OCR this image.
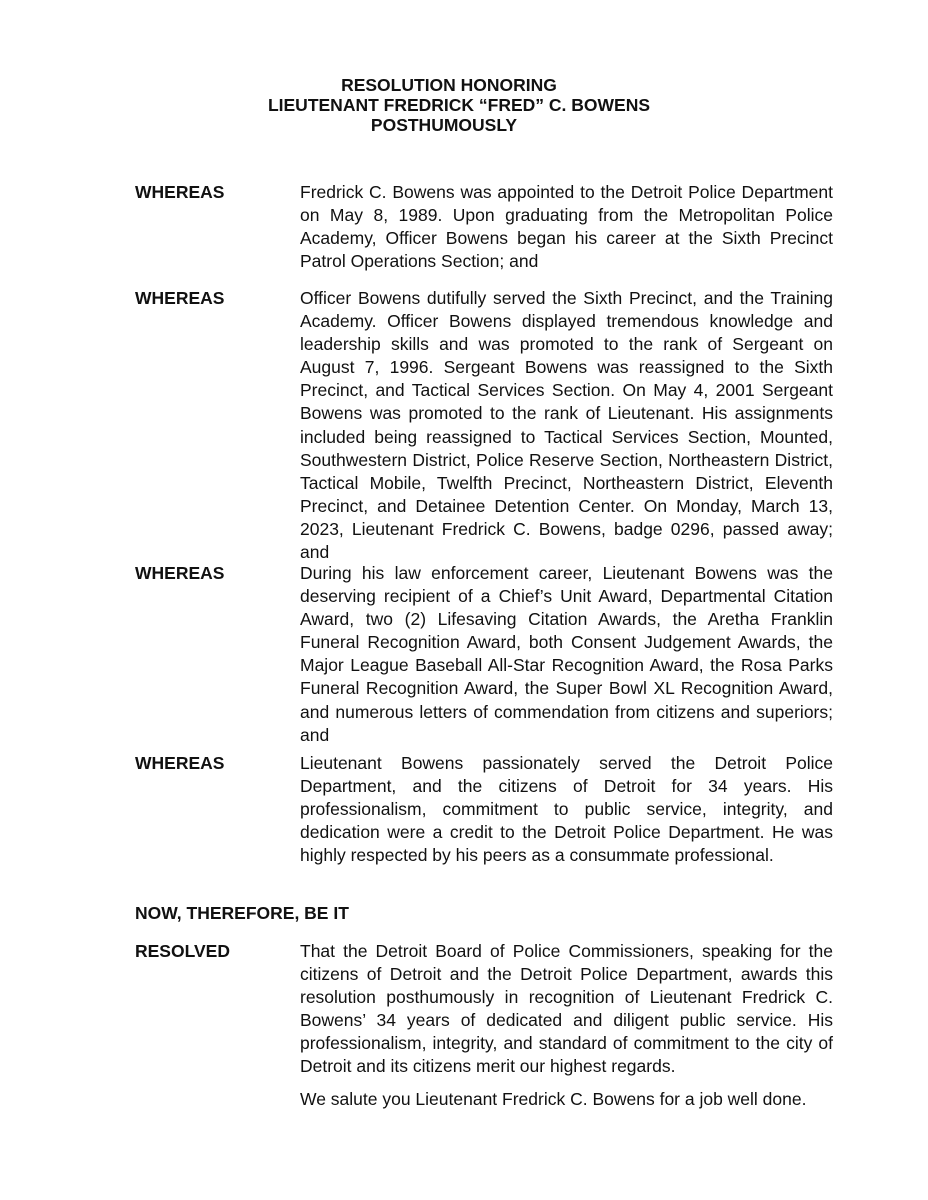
RESOLUTION HONORING
LIEUTENANT FREDRICK “FRED” C. BOWENS
POSTHUMOUSLY
WHEREAS	Fredrick C. Bowens was appointed to the Detroit Police Department on May 8, 1989. Upon graduating from the Metropolitan Police Academy, Officer Bowens began his career at the Sixth Precinct Patrol Operations Section; and
WHEREAS	Officer Bowens dutifully served the Sixth Precinct, and the Training Academy. Officer Bowens displayed tremendous knowledge and leadership skills and was promoted to the rank of Sergeant on August 7, 1996. Sergeant Bowens was reassigned to the Sixth Precinct, and Tactical Services Section. On May 4, 2001 Sergeant Bowens was promoted to the rank of Lieutenant. His assignments included being reassigned to Tactical Services Section, Mounted, Southwestern District, Police Reserve Section, Northeastern District, Tactical Mobile, Twelfth Precinct, Northeastern District, Eleventh Precinct, and Detainee Detention Center. On Monday, March 13, 2023, Lieutenant Fredrick C. Bowens, badge 0296, passed away; and
WHEREAS	During his law enforcement career, Lieutenant Bowens was the deserving recipient of a Chief’s Unit Award, Departmental Citation Award, two (2) Lifesaving Citation Awards, the Aretha Franklin Funeral Recognition Award, both Consent Judgement Awards, the Major League Baseball All-Star Recognition Award, the Rosa Parks Funeral Recognition Award, the Super Bowl XL Recognition Award, and numerous letters of commendation from citizens and superiors; and
WHEREAS	Lieutenant Bowens passionately served the Detroit Police Department, and the citizens of Detroit for 34 years. His professionalism, commitment to public service, integrity, and dedication were a credit to the Detroit Police Department. He was highly respected by his peers as a consummate professional.
NOW, THEREFORE, BE IT
RESOLVED	That the Detroit Board of Police Commissioners, speaking for the citizens of Detroit and the Detroit Police Department, awards this resolution posthumously in recognition of Lieutenant Fredrick C. Bowens’ 34 years of dedicated and diligent public service. His professionalism, integrity, and standard of commitment to the city of Detroit and its citizens merit our highest regards.
We salute you Lieutenant Fredrick C. Bowens for a job well done.
